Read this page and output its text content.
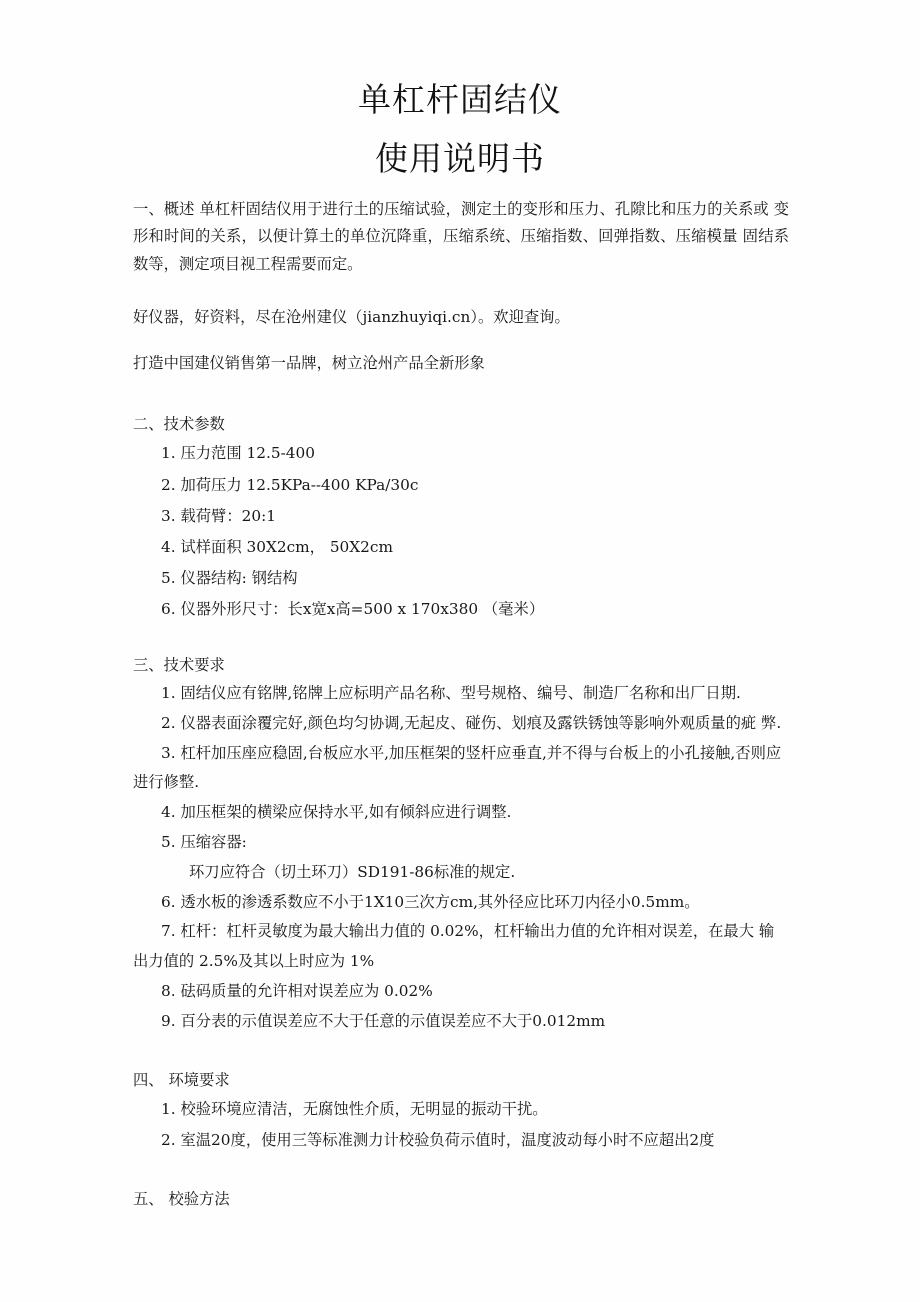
单杠杆固结仪
使用说明书
一、概述 单杠杆固结仪用于进行土的压缩试验，测定土的变形和压力、孔隙比和压力的关系或 变形和时间的关系，以便计算土的单位沉降重，压缩系统、压缩指数、回弹指数、压缩模量 固结系数等，测定项目视工程需要而定。
好仪器，好资料，尽在沧州建仪（jianzhuyiqi.cn）。欢迎查询。
打造中国建仪销售第一品牌，树立沧州产品全新形象
二、技术参数
1. 压力范围 12.5-400
2. 加荷压力 12.5KPa--400 KPa/30c
3. 载荷臂：20:1
4. 试样面积 30X2cm， 50X2cm
5. 仪器结构: 钢结构
6. 仪器外形尺寸：长x宽x高=500 x 170x380 （毫米）
三、技术要求
1. 固结仪应有铭牌,铭牌上应标明产品名称、型号规格、编号、制造厂名称和出厂日期.
2. 仪器表面涂覆完好,颜色均匀协调,无起皮、碰伤、划痕及露铁锈蚀等影响外观质量的疵 弊.
3. 杠杆加压座应稳固,台板应水平,加压框架的竖杆应垂直,并不得与台板上的小孔接触,否则应进行修整.
4. 加压框架的横梁应保持水平,如有倾斜应进行调整.
5. 压缩容器:
环刀应符合（切土环刀）SD191-86标准的规定.
6. 透水板的渗透系数应不小于1X10三次方cm,其外径应比环刀内径小0.5mm。
7. 杠杆：杠杆灵敏度为最大输出力值的 0.02%，杠杆输出力值的允许相对误差，在最大 输出力值的 2.5%及其以上时应为 1%
8. 砝码质量的允许相对误差应为 0.02%
9. 百分表的示值误差应不大于任意的示值误差应不大于0.012mm
四、 环境要求
1. 校验环境应清洁，无腐蚀性介质，无明显的振动干扰。
2. 室温20度，使用三等标准测力计校验负荷示值时，温度波动每小时不应超出2度
五、 校验方法
